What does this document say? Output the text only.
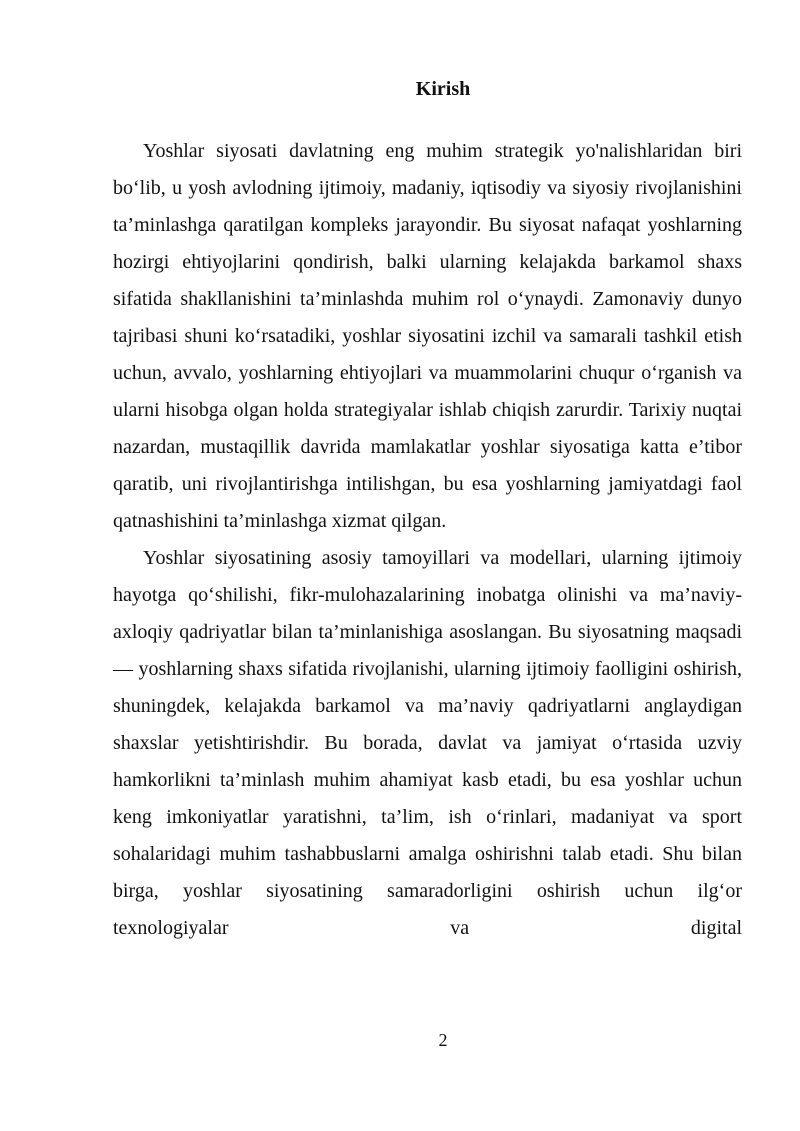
Kirish

Yoshlar siyosati davlatning eng muhim strategik yo'nalishlaridan biri bo‘lib, u yosh avlodning ijtimoiy, madaniy, iqtisodiy va siyosiy rivojlanishini ta’minlashga qaratilgan kompleks jarayondir. Bu siyosat nafaqat yoshlarning hozirgi ehtiyojlarini qondirish, balki ularning kelajakda barkamol shaxs sifatida shakllanishini ta’minlashda muhim rol o‘ynaydi. Zamonaviy dunyo tajribasi shuni ko‘rsatadiki, yoshlar siyosatini izchil va samarali tashkil etish uchun, avvalo, yoshlarning ehtiyojlari va muammolarini chuqur o‘rganish va ularni hisobga olgan holda strategiyalar ishlab chiqish zarurdir. Tarixiy nuqtai nazardan, mustaqillik davrida mamlakatlar yoshlar siyosatiga katta e’tibor qaratib, uni rivojlantirishga intilishgan, bu esa yoshlarning jamiyatdagi faol qatnashishini ta’minlashga xizmat qilgan.

Yoshlar siyosatining asosiy tamoyillari va modellari, ularning ijtimoiy hayotga qo‘shilishi, fikr-mulohazalarining inobatga olinishi va ma’naviy-axloqiy qadriyatlar bilan ta’minlanishiga asoslangan. Bu siyosatning maqsadi — yoshlarning shaxs sifatida rivojlanishi, ularning ijtimoiy faolligini oshirish, shuningdek, kelajakda barkamol va ma’naviy qadriyatlarni anglaydigan shaxslar yetishtirishdir. Bu borada, davlat va jamiyat o‘rtasida uzviy hamkorlikni ta’minlash muhim ahamiyat kasb etadi, bu esa yoshlar uchun keng imkoniyatlar yaratishni, ta’lim, ish o‘rinlari, madaniyat va sport sohalaridagi muhim tashabbuslarni amalga oshirishni talab etadi. Shu bilan birga, yoshlar siyosatining samaradorligini oshirish uchun ilg‘or texnologiyalar va digital

2
